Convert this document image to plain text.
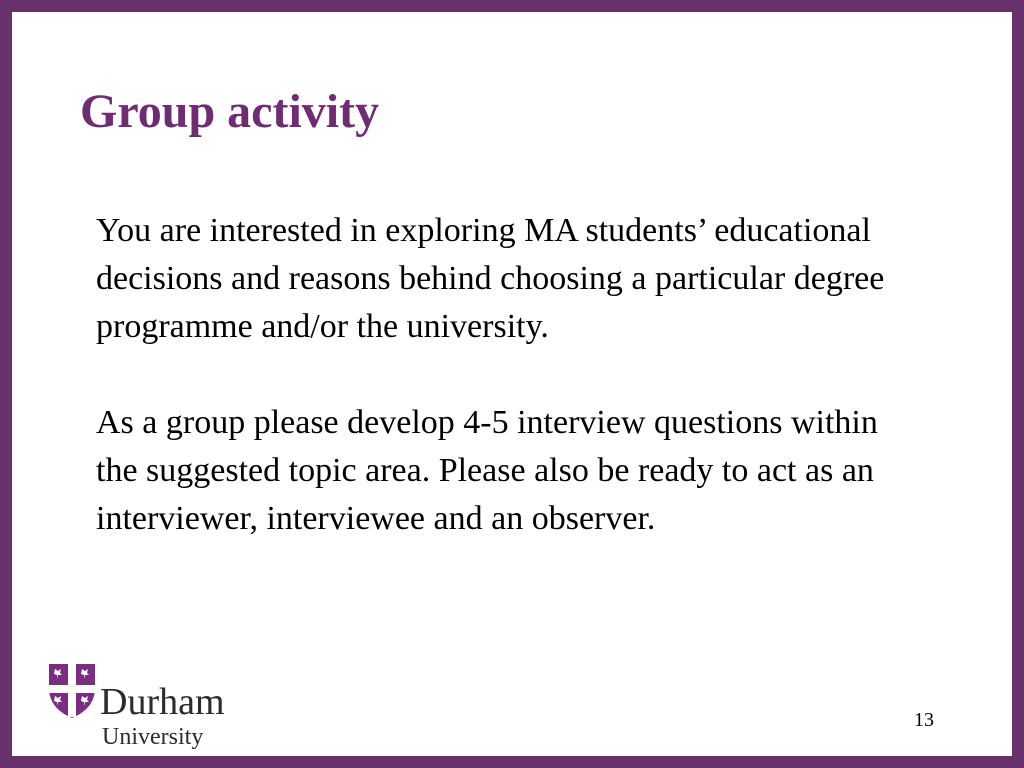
Group activity

You are interested in exploring MA students’ educational decisions and reasons behind choosing a particular degree programme and/or the university.

As a group please develop 4-5 interview questions within the suggested topic area. Please also be ready to act as an interviewer, interviewee and an observer.

Durham
University
13
